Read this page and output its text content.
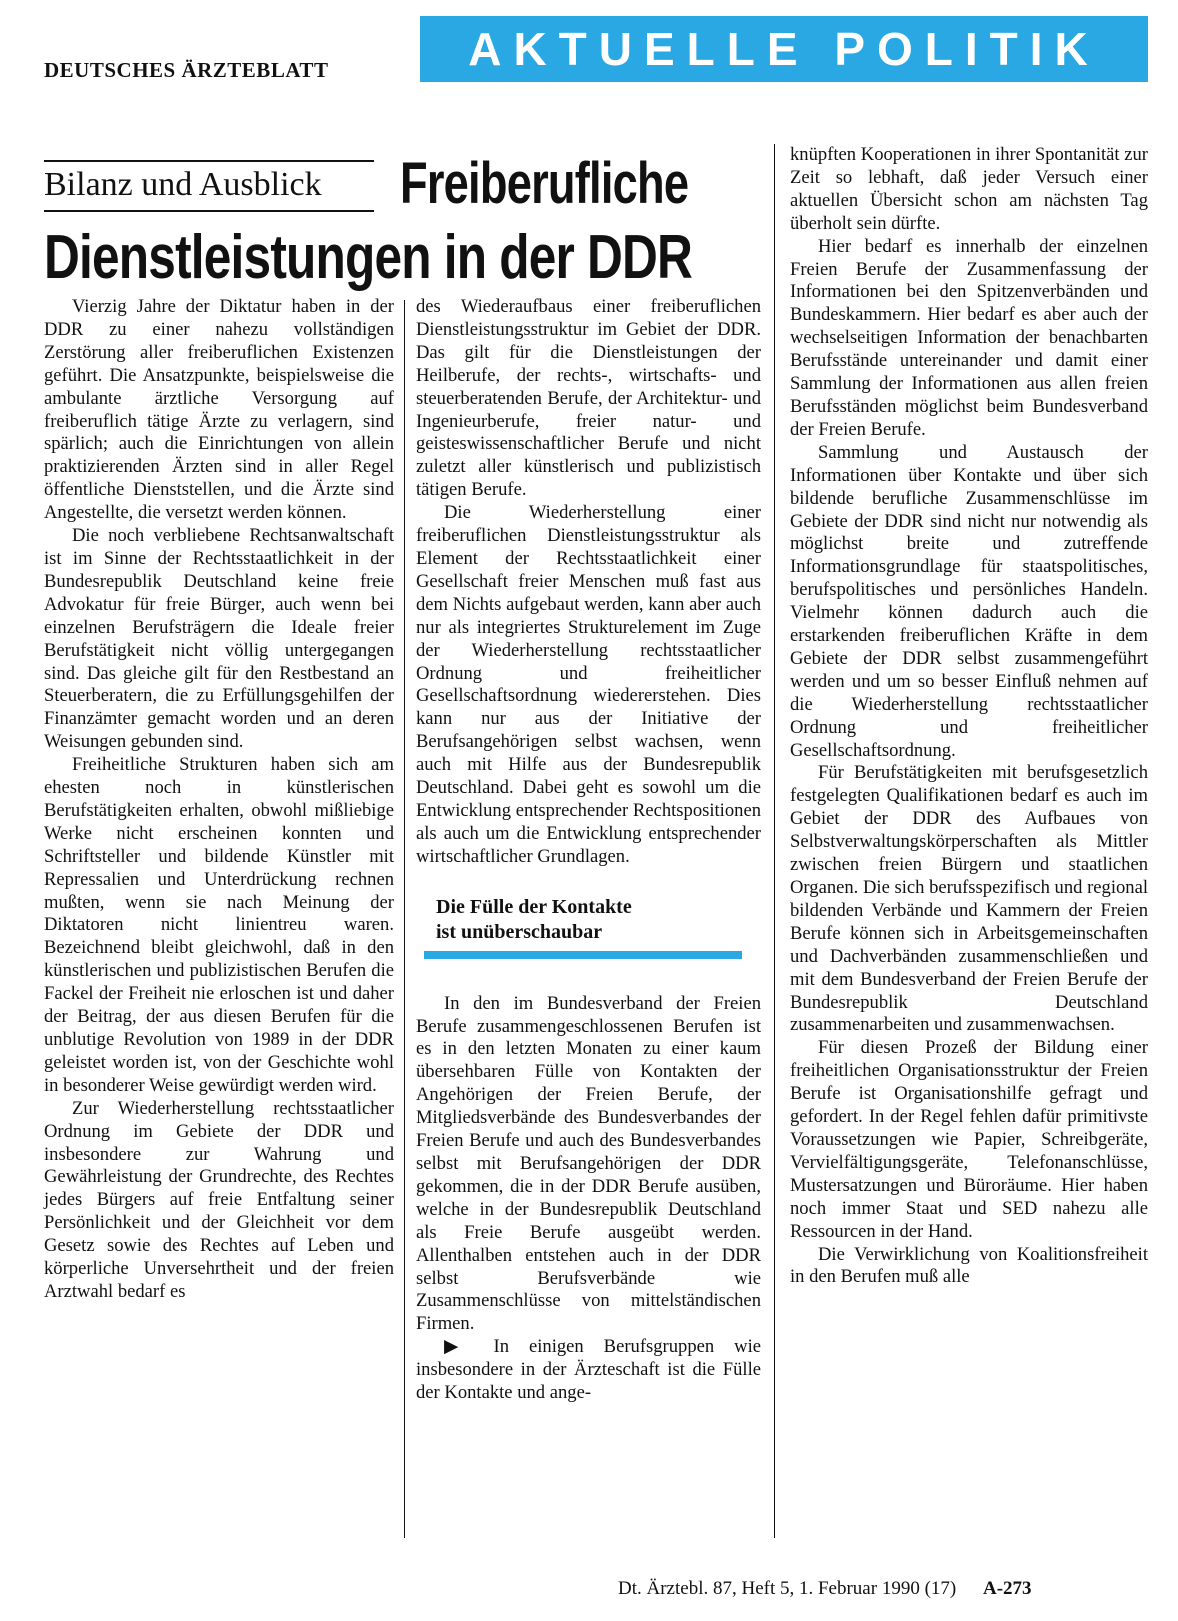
DEUTSCHES ÄRZTEBLATT	AKTUELLE POLITIK
Bilanz und Ausblick	Freiberufliche
Dienstleistungen in der DDR

Vierzig Jahre der Diktatur haben in der DDR zu einer nahezu vollständigen Zerstörung aller freiberuflichen Existenzen geführt. Die Ansatzpunkte, beispielsweise die ambulante ärztliche Versorgung auf freiberuflich tätige Ärzte zu verlagern, sind spärlich; auch die Einrichtungen von allein praktizierenden Ärzten sind in aller Regel öffentliche Dienststellen, und die Ärzte sind Angestellte, die versetzt werden können.

Die noch verbliebene Rechtsanwaltschaft ist im Sinne der Rechtsstaatlichkeit in der Bundesrepublik Deutschland keine freie Advokatur für freie Bürger, auch wenn bei einzelnen Berufsträgern die Ideale freier Berufstätigkeit nicht völlig untergegangen sind. Das gleiche gilt für den Restbestand an Steuerberatern, die zu Erfüllungsgehilfen der Finanzämter gemacht worden und an deren Weisungen gebunden sind.

Freiheitliche Strukturen haben sich am ehesten noch in künstlerischen Berufstätigkeiten erhalten, obwohl mißliebige Werke nicht erscheinen konnten und Schriftsteller und bildende Künstler mit Repressalien und Unterdrückung rechnen mußten, wenn sie nach Meinung der Diktatoren nicht linientreu waren. Bezeichnend bleibt gleichwohl, daß in den künstlerischen und publizistischen Berufen die Fackel der Freiheit nie erloschen ist und daher der Beitrag, der aus diesen Berufen für die unblutige Revolution von 1989 in der DDR geleistet worden ist, von der Geschichte wohl in besonderer Weise gewürdigt werden wird.

Zur Wiederherstellung rechtsstaatlicher Ordnung im Gebiete der DDR und insbesondere zur Wahrung und Gewährleistung der Grundrechte, des Rechtes jedes Bürgers auf freie Entfaltung seiner Persönlichkeit und der Gleichheit vor dem Gesetz sowie des Rechtes auf Leben und körperliche Unversehrtheit und der freien Arztwahl bedarf es

des Wiederaufbaus einer freiberuflichen Dienstleistungsstruktur im Gebiet der DDR. Das gilt für die Dienstleistungen der Heilberufe, der rechts-, wirtschafts- und steuerberatenden Berufe, der Architektur- und Ingenieurberufe, freier natur- und geisteswissenschaftlicher Berufe und nicht zuletzt aller künstlerisch und publizistisch tätigen Berufe.

Die Wiederherstellung einer freiberuflichen Dienstleistungsstruktur als Element der Rechtsstaatlichkeit einer Gesellschaft freier Menschen muß fast aus dem Nichts aufgebaut werden, kann aber auch nur als integriertes Strukturelement im Zuge der Wiederherstellung rechtsstaatlicher Ordnung und freiheitlicher Gesellschaftsordnung wiedererstehen. Dies kann nur aus der Initiative der Berufsangehörigen selbst wachsen, wenn auch mit Hilfe aus der Bundesrepublik Deutschland. Dabei geht es sowohl um die Entwicklung entsprechender Rechtspositionen als auch um die Entwicklung entsprechender wirtschaftlicher Grundlagen.

Die Fülle der Kontakte
ist unüberschaubar

In den im Bundesverband der Freien Berufe zusammengeschlossenen Berufen ist es in den letzten Monaten zu einer kaum übersehbaren Fülle von Kontakten der Angehörigen der Freien Berufe, der Mitgliedsverbände des Bundesverbandes der Freien Berufe und auch des Bundesverbandes selbst mit Berufsangehörigen der DDR gekommen, die in der DDR Berufe ausüben, welche in der Bundesrepublik Deutschland als Freie Berufe ausgeübt werden. Allenthalben entstehen auch in der DDR selbst Berufsverbände wie Zusammenschlüsse von mittelständischen Firmen.

▶ In einigen Berufsgruppen wie insbesondere in der Ärzteschaft ist die Fülle der Kontakte und ange-

knüpften Kooperationen in ihrer Spontanität zur Zeit so lebhaft, daß jeder Versuch einer aktuellen Übersicht schon am nächsten Tag überholt sein dürfte.

Hier bedarf es innerhalb der einzelnen Freien Berufe der Zusammenfassung der Informationen bei den Spitzenverbänden und Bundeskammern. Hier bedarf es aber auch der wechselseitigen Information der benachbarten Berufsstände untereinander und damit einer Sammlung der Informationen aus allen freien Berufsständen möglichst beim Bundesverband der Freien Berufe.

Sammlung und Austausch der Informationen über Kontakte und über sich bildende berufliche Zusammenschlüsse im Gebiete der DDR sind nicht nur notwendig als möglichst breite und zutreffende Informationsgrundlage für staatspolitisches, berufspolitisches und persönliches Handeln. Vielmehr können dadurch auch die erstarkenden freiberuflichen Kräfte in dem Gebiete der DDR selbst zusammengeführt werden und um so besser Einfluß nehmen auf die Wiederherstellung rechtsstaatlicher Ordnung und freiheitlicher Gesellschaftsordnung.

Für Berufstätigkeiten mit berufsgesetzlich festgelegten Qualifikationen bedarf es auch im Gebiet der DDR des Aufbaues von Selbstverwaltungskörperschaften als Mittler zwischen freien Bürgern und staatlichen Organen. Die sich berufsspezifisch und regional bildenden Verbände und Kammern der Freien Berufe können sich in Arbeitsgemeinschaften und Dachverbänden zusammenschließen und mit dem Bundesverband der Freien Berufe der Bundesrepublik Deutschland zusammenarbeiten und zusammenwachsen.

Für diesen Prozeß der Bildung einer freiheitlichen Organisationsstruktur der Freien Berufe ist Organisationshilfe gefragt und gefordert. In der Regel fehlen dafür primitivste Voraussetzungen wie Papier, Schreibgeräte, Vervielfältigungsgeräte, Telefonanschlüsse, Mustersatzungen und Büroräume. Hier haben noch immer Staat und SED nahezu alle Ressourcen in der Hand.

Die Verwirklichung von Koalitionsfreiheit in den Berufen muß alle

Dt. Ärztebl. 87, Heft 5, 1. Februar 1990 (17) A-273
